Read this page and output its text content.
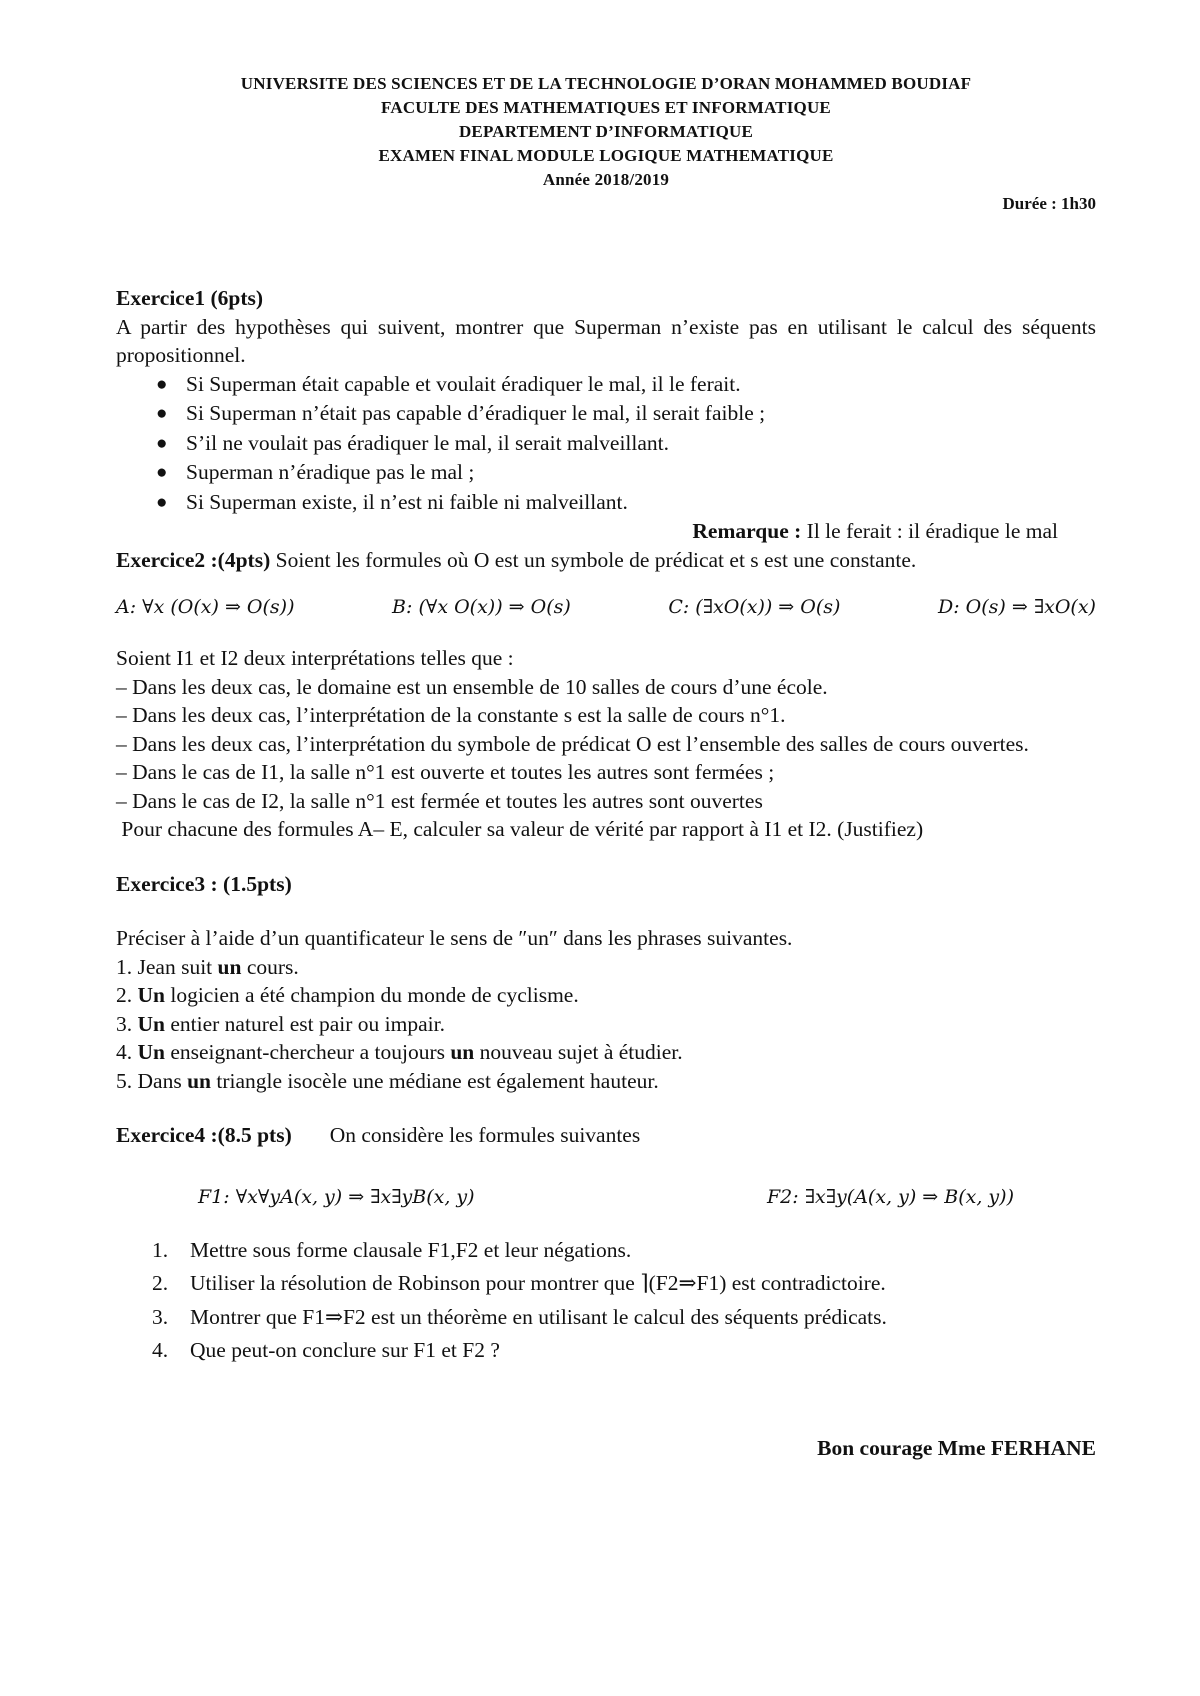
UNIVERSITE DES SCIENCES ET DE LA TECHNOLOGIE D’ORAN MOHAMMED BOUDIAF
FACULTE DES MATHEMATIQUES ET INFORMATIQUE
DEPARTEMENT D’INFORMATIQUE
EXAMEN FINAL MODULE LOGIQUE MATHEMATIQUE
Année 2018/2019
Durée : 1h30
Exercice1 (6pts)
A partir des hypothèses qui suivent, montrer que Superman n’existe pas en utilisant le calcul des séquents propositionnel.
● Si Superman était capable et voulait éradiquer le mal, il le ferait.
● Si Superman n’était pas capable d’éradiquer le mal, il serait faible ;
● S’il ne voulait pas éradiquer le mal, il serait malveillant.
● Superman n’éradique pas le mal ;
● Si Superman existe, il n’est ni faible ni malveillant.
Remarque : Il le ferait : il éradique le mal
Exercice2 :(4pts) Soient les formules où O est un symbole de prédicat et s est une constante.
A: ∀x (O(x) ⇒ O(s))	B: (∀x O(x)) ⇒ O(s)	C: (∃xO(x)) ⇒ O(s)	D: O(s) ⇒ ∃xO(x)
Soient I1 et I2 deux interprétations telles que :
– Dans les deux cas, le domaine est un ensemble de 10 salles de cours d’une école.
– Dans les deux cas, l’interprétation de la constante s est la salle de cours n°1.
– Dans les deux cas, l’interprétation du symbole de prédicat O est l’ensemble des salles de cours ouvertes.
– Dans le cas de I1, la salle n°1 est ouverte et toutes les autres sont fermées ;
– Dans le cas de I2, la salle n°1 est fermée et toutes les autres sont ouvertes
Pour chacune des formules A– E, calculer sa valeur de vérité par rapport à I1 et I2. (Justifiez)
Exercice3 : (1.5pts)
Préciser à l’aide d’un quantificateur le sens de ″un″ dans les phrases suivantes.
1. Jean suit un cours.
2. Un logicien a été champion du monde de cyclisme.
3. Un entier naturel est pair ou impair.
4. Un enseignant-chercheur a toujours un nouveau sujet à étudier.
5. Dans un triangle isocèle une médiane est également hauteur.
Exercice4 :(8.5 pts) On considère les formules suivantes
F1: ∀x∀yA(x, y) ⇒ ∃x∃yB(x, y)	F2: ∃x∃y(A(x, y) ⇒ B(x, y))
1. Mettre sous forme clausale F1,F2 et leur négations.
2. Utiliser la résolution de Robinson pour montrer que ⌉(F2⇒F1) est contradictoire.
3. Montrer que F1⇒F2 est un théorème en utilisant le calcul des séquents prédicats.
4. Que peut-on conclure sur F1 et F2 ?
Bon courage Mme FERHANE
